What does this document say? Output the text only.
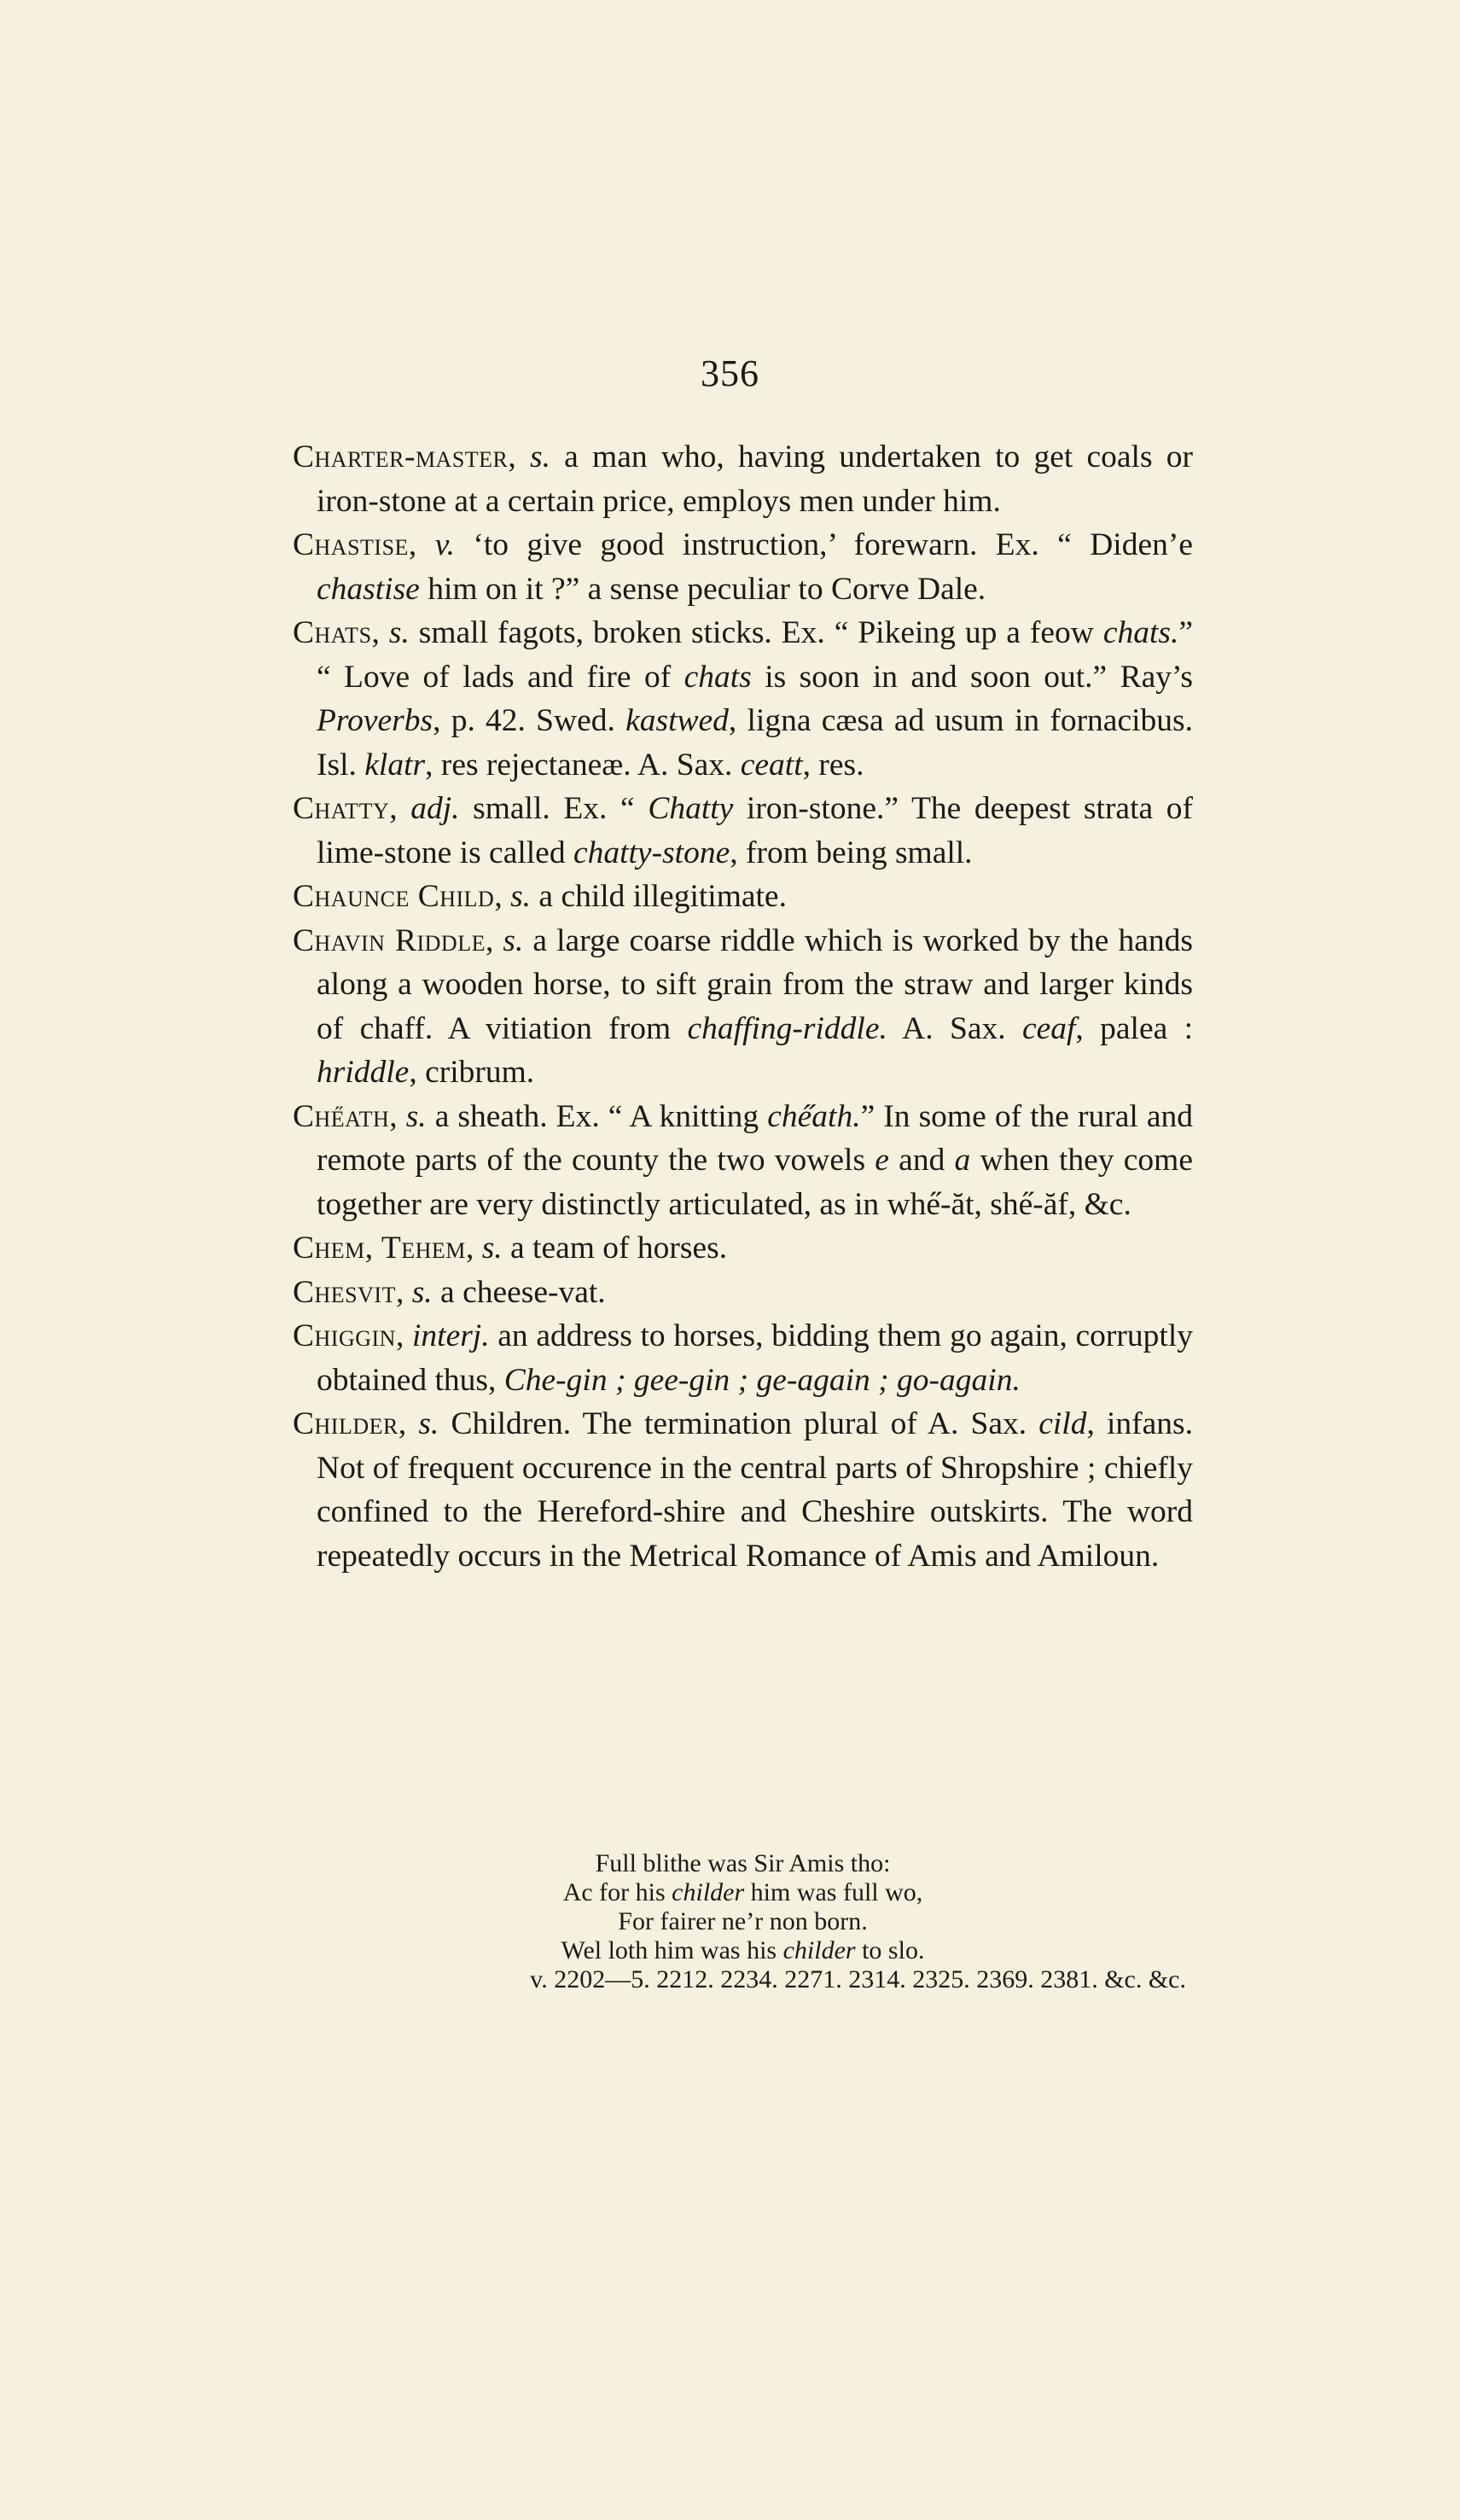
356
Charter-master, s. a man who, having undertaken to get coals or iron-stone at a certain price, employs men under him.
Chastise, v. ‘to give good instruction,’ forewarn. Ex. “ Diden’e chastise him on it ?” a sense peculiar to Corve Dale.
Chats, s. small fagots, broken sticks. Ex. “ Pikeing up a feow chats.” “ Love of lads and fire of chats is soon in and soon out.” Ray’s Proverbs, p. 42. Swed. kastwed, ligna cæsa ad usum in fornacibus. Isl. klatr, res rejectaneæ. A. Sax. ceatt, res.
Chatty, adj. small. Ex. “ Chatty iron-stone.” The deepest strata of lime-stone is called chatty-stone, from being small.
Chaunce Child, s. a child illegitimate.
Chavin Riddle, s. a large coarse riddle which is worked by the hands along a wooden horse, to sift grain from the straw and larger kinds of chaff. A vitiation from chaffing-riddle. A. Sax. ceaf, palea : hriddle, cribrum.
Che̋ath, s. a sheath. Ex. “ A knitting che̋ath.” In some of the rural and remote parts of the county the two vowels e and a when they come together are very distinctly articulated, as in whe̋-ăt, she̋-ăf, &c.
Chem, Tehem, s. a team of horses.
Chesvit, s. a cheese-vat.
Chiggin, interj. an address to horses, bidding them go again, corruptly obtained thus, Che-gin ; gee-gin ; ge-again ; go-again.
Childer, s. Children. The termination plural of A. Sax. cild, infans. Not of frequent occurence in the central parts of Shropshire ; chiefly confined to the Hereford-shire and Cheshire outskirts. The word repeatedly occurs in the Metrical Romance of Amis and Amiloun.
Full blithe was Sir Amis tho:
Ac for his childer him was full wo,
For fairer ne’r non born.
Wel loth him was his childer to slo.
v. 2202—5. 2212. 2234. 2271. 2314. 2325. 2369. 2381. &c. &c.
